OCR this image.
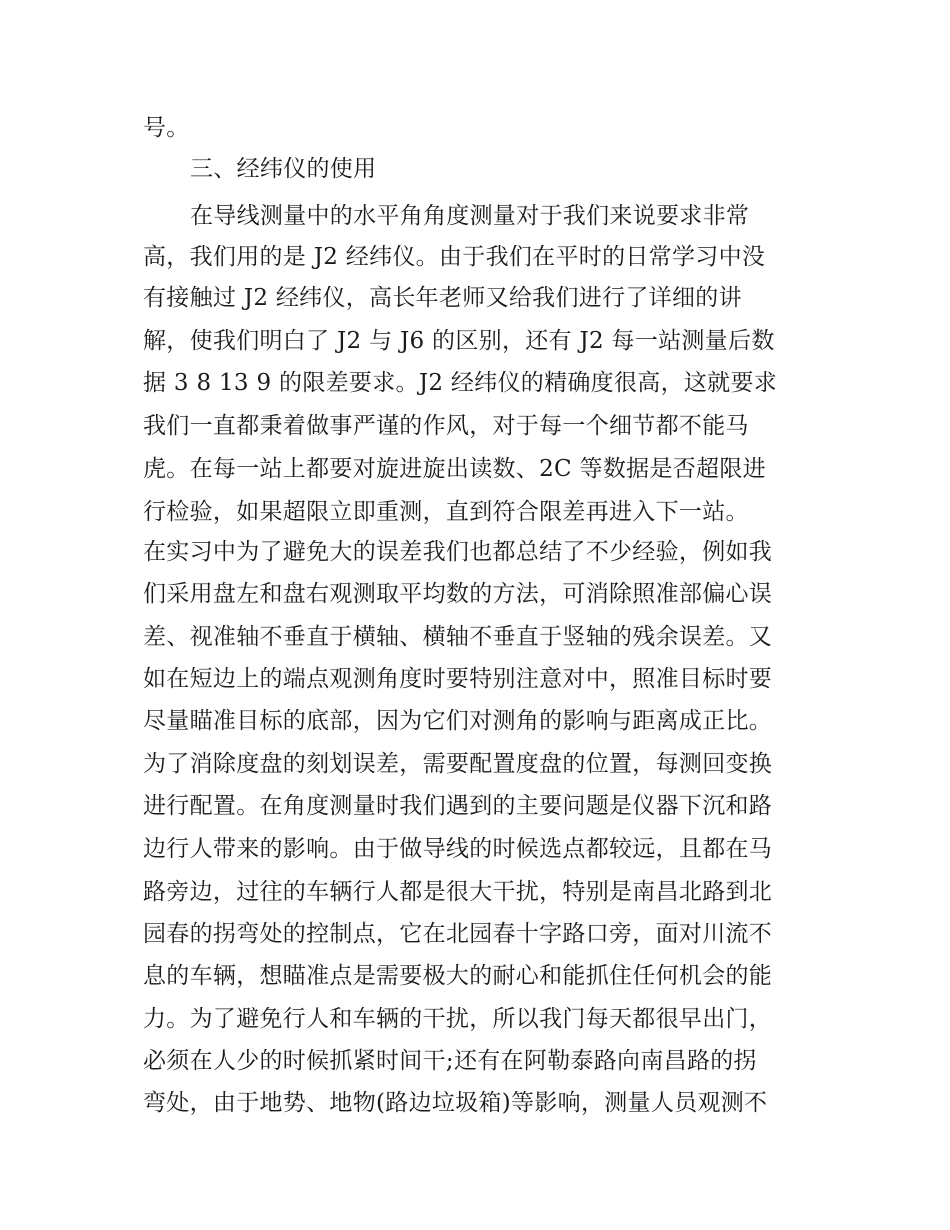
号。
三、经纬仪的使用
在导线测量中的水平角角度测量对于我们来说要求非常
高，我们用的是 J2 经纬仪。由于我们在平时的日常学习中没
有接触过 J2 经纬仪，高长年老师又给我们进行了详细的讲
解，使我们明白了 J2 与 J6 的区别，还有 J2 每一站测量后数
据 3 8 13 9 的限差要求。J2 经纬仪的精确度很高，这就要求
我们一直都秉着做事严谨的作风，对于每一个细节都不能马
虎。在每一站上都要对旋进旋出读数、2C 等数据是否超限进
行检验，如果超限立即重测，直到符合限差再进入下一站。
在实习中为了避免大的误差我们也都总结了不少经验，例如我
们采用盘左和盘右观测取平均数的方法，可消除照准部偏心误
差、视准轴不垂直于横轴、横轴不垂直于竖轴的残余误差。又
如在短边上的端点观测角度时要特别注意对中，照准目标时要
尽量瞄准目标的底部，因为它们对测角的影响与距离成正比。
为了消除度盘的刻划误差，需要配置度盘的位置，每测回变换
进行配置。在角度测量时我们遇到的主要问题是仪器下沉和路
边行人带来的影响。由于做导线的时候选点都较远，且都在马
路旁边，过往的车辆行人都是很大干扰，特别是南昌北路到北
园春的拐弯处的控制点，它在北园春十字路口旁，面对川流不
息的车辆，想瞄准点是需要极大的耐心和能抓住任何机会的能
力。为了避免行人和车辆的干扰，所以我门每天都很早出门，
必须在人少的时候抓紧时间干;还有在阿勒泰路向南昌路的拐
弯处，由于地势、地物(路边垃圾箱)等影响，测量人员观测不
